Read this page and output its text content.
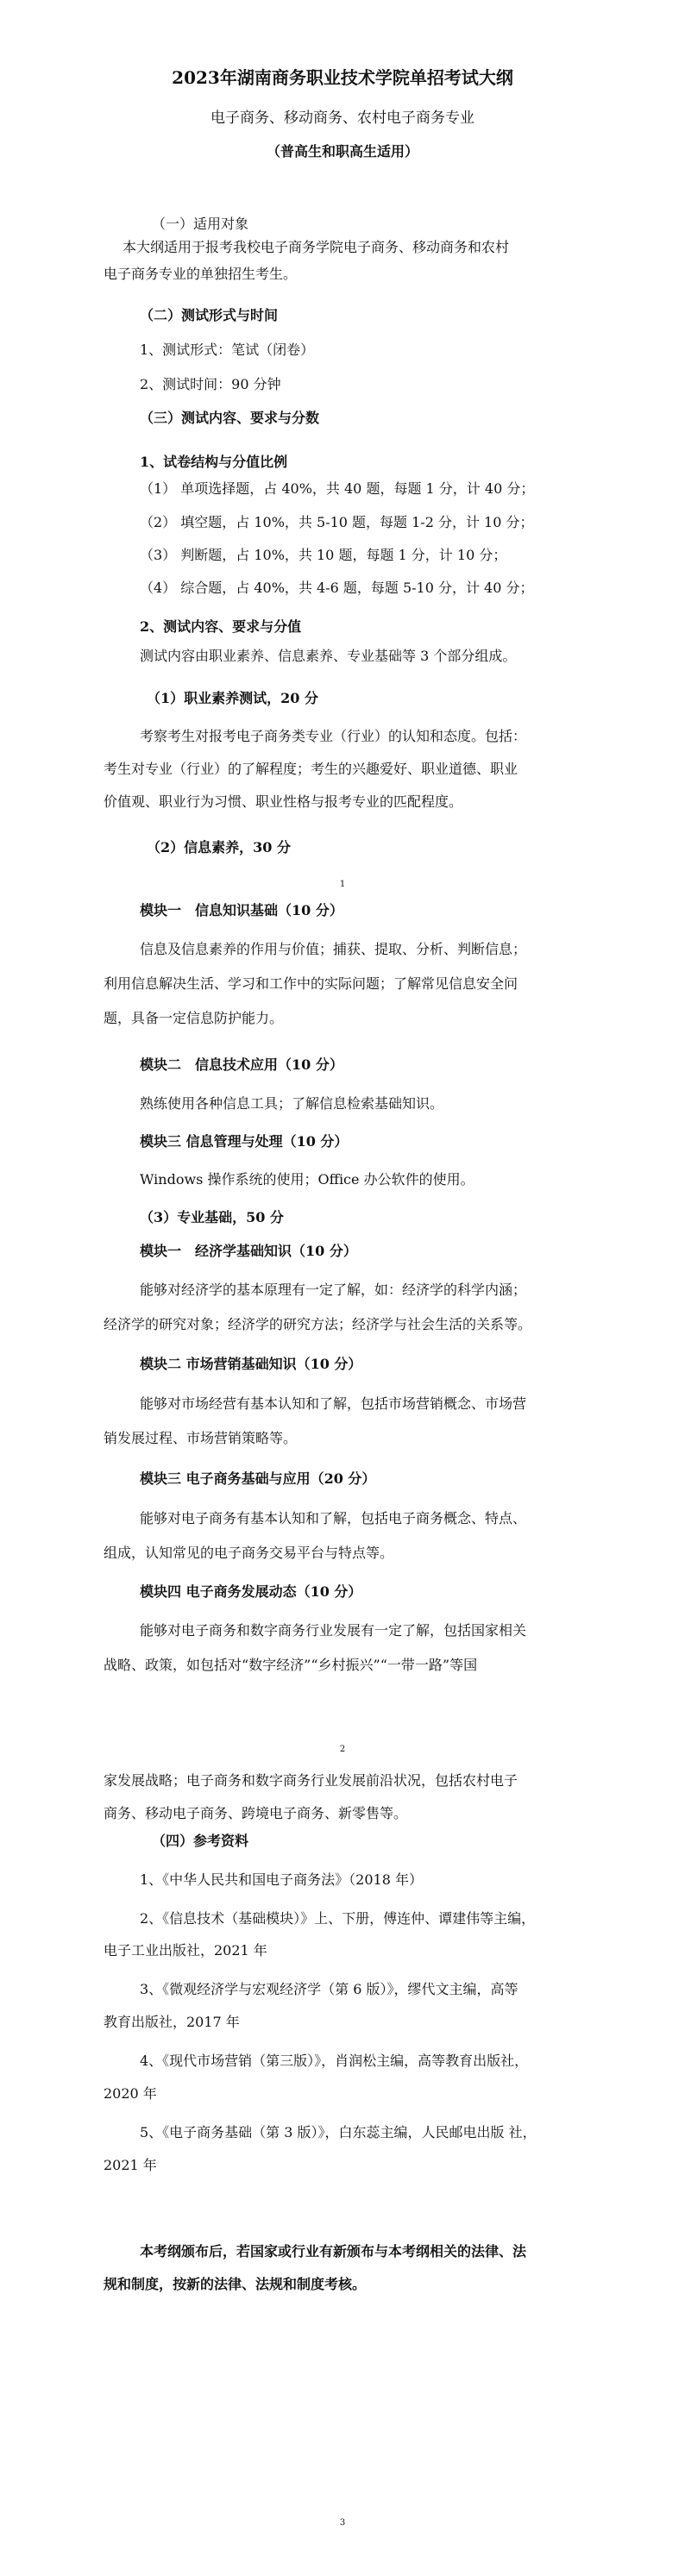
2023年湖南商务职业技术学院单招考试大纲
电子商务、移动商务、农村电子商务专业
（普高生和职高生适用）
（一）适用对象
本大纲适用于报考我校电子商务学院电子商务、移动商务和农村
电子商务专业的单独招生考生。
（二）测试形式与时间
1、测试形式：笔试（闭卷）
2、测试时间：90 分钟
（三）测试内容、要求与分数
1、试卷结构与分值比例
（1） 单项选择题，占 40%，共 40 题，每题 1 分，计 40 分；
（2） 填空题，占 10%，共 5-10 题，每题 1-2 分，计 10 分；
（3） 判断题，占 10%，共 10 题，每题 1 分，计 10 分；
（4） 综合题，占 40%，共 4-6 题，每题 5-10 分，计 40 分；
2、测试内容、要求与分值
测试内容由职业素养、信息素养、专业基础等 3 个部分组成。
（1）职业素养测试，20 分
考察考生对报考电子商务类专业（行业）的认知和态度。包括：
考生对专业（行业）的了解程度；考生的兴趣爱好、职业道德、职业
价值观、职业行为习惯、职业性格与报考专业的匹配程度。
（2）信息素养，30 分
1
模块一　信息知识基础（10 分）
信息及信息素养的作用与价值；捕获、提取、分析、判断信息；
利用信息解决生活、学习和工作中的实际问题；了解常见信息安全问
题，具备一定信息防护能力。
模块二　信息技术应用（10 分）
熟练使用各种信息工具；了解信息检索基础知识。
模块三 信息管理与处理（10 分）
Windows 操作系统的使用；Office 办公软件的使用。
（3）专业基础，50 分
模块一　经济学基础知识（10 分）
能够对经济学的基本原理有一定了解，如：经济学的科学内涵；
经济学的研究对象；经济学的研究方法；经济学与社会生活的关系等。
模块二 市场营销基础知识（10 分）
能够对市场经营有基本认知和了解，包括市场营销概念、市场营
销发展过程、市场营销策略等。
模块三 电子商务基础与应用（20 分）
能够对电子商务有基本认知和了解，包括电子商务概念、特点、
组成，认知常见的电子商务交易平台与特点等。
模块四 电子商务发展动态（10 分）
能够对电子商务和数字商务行业发展有一定了解，包括国家相关
战略、政策，如包括对“数字经济”“乡村振兴”“一带一路”等国
2
家发展战略；电子商务和数字商务行业发展前沿状况，包括农村电子
商务、移动电子商务、跨境电子商务、新零售等。
（四）参考资料
1、《中华人民共和国电子商务法》（2018 年）
2、《信息技术（基础模块）》上、下册，傅连仲、谭建伟等主编，
电子工业出版社，2021 年
3、《微观经济学与宏观经济学（第 6 版）》，缪代文主编，高等
教育出版社，2017 年
4、《现代市场营销（第三版）》，肖润松主编，高等教育出版社，
2020 年
5、《电子商务基础（第 3 版）》，白东蕊主编，人民邮电出版 社，
2021 年
本考纲颁布后，若国家或行业有新颁布与本考纲相关的法律、法
规和制度，按新的法律、法规和制度考核。
3
